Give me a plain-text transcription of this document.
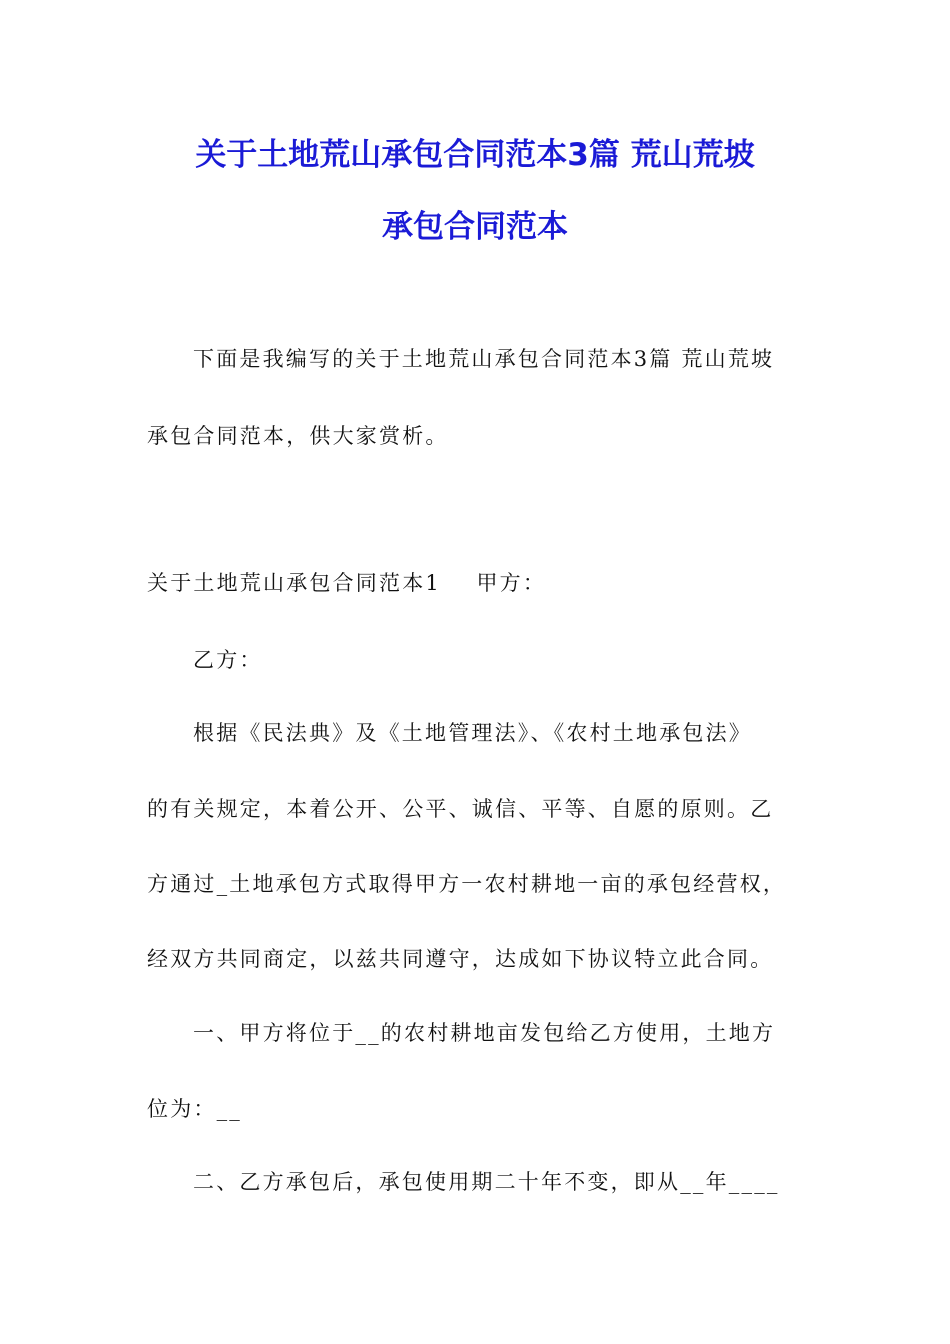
关于土地荒山承包合同范本3篇 荒山荒坡
承包合同范本
下面是我编写的关于土地荒山承包合同范本3篇 荒山荒坡
承包合同范本，供大家赏析。
关于土地荒山承包合同范本1    甲方：
乙方：
根据《民法典》及《土地管理法》、《农村土地承包法》
的有关规定，本着公开、公平、诚信、平等、自愿的原则。乙
方通过_土地承包方式取得甲方一农村耕地一亩的承包经营权，
经双方共同商定，以兹共同遵守，达成如下协议特立此合同。
一、甲方将位于__的农村耕地亩发包给乙方使用，土地方
位为：__
二、乙方承包后，承包使用期二十年不变，即从__年____
